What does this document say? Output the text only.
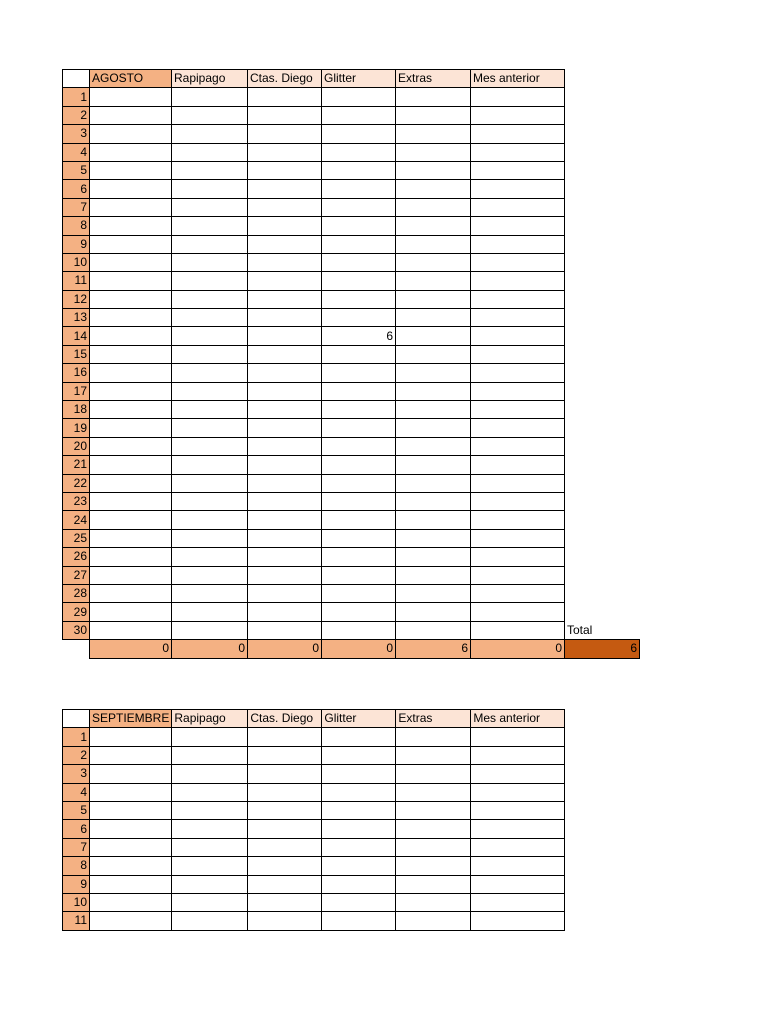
	AGOSTO	Rapipago	Ctas. Diego	Glitter	Extras	Mes anterior	
1							
2							
3							
4							
5							
6							
7							
8							
9							
10							
11							
12							
13							
14				6			
15							
16							
17							
18							
19							
20							
21							
22							
23							
24							
25							
26							
27							
28							
29							
30							Total
	0	0	0	0	6	0	6
	SEPTIEMBRE	Rapipago	Ctas. Diego	Glitter	Extras	Mes anterior
1						
2						
3						
4						
5						
6						
7						
8						
9						
10						
11						
